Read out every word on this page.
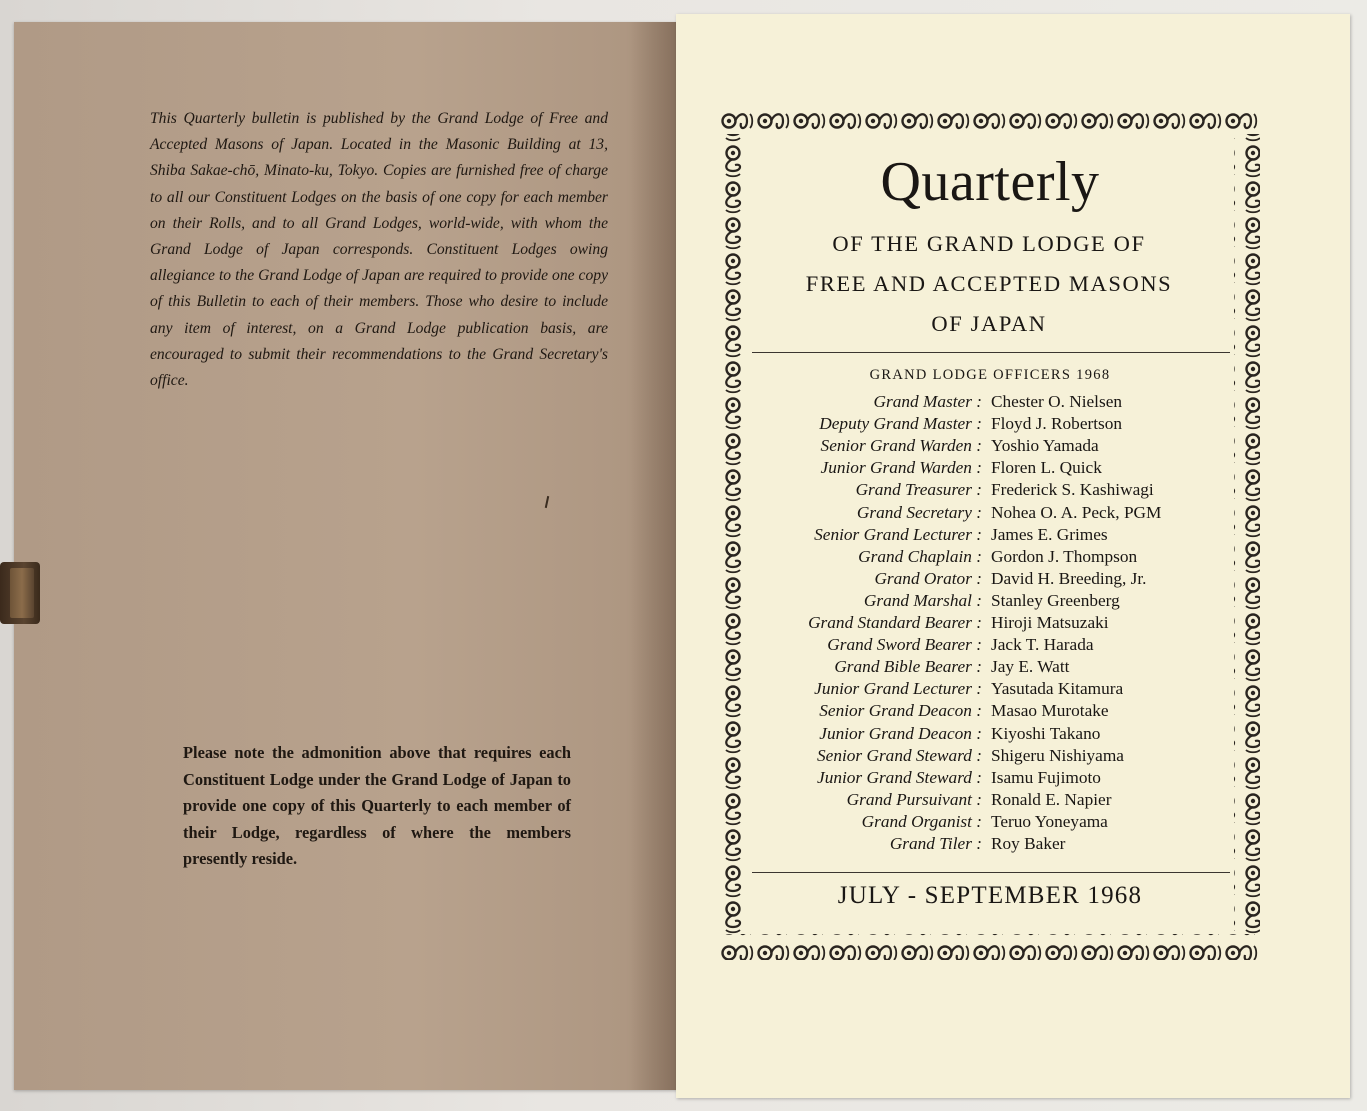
This Quarterly bulletin is published by the Grand Lodge of Free and Accepted Masons of Japan. Located in the Masonic Building at 13, Shiba Sakae-chō, Minato-ku, Tokyo. Copies are furnished free of charge to all our Constituent Lodges on the basis of one copy for each member on their Rolls, and to all Grand Lodges, world-wide, with whom the Grand Lodge of Japan corresponds. Constituent Lodges owing allegiance to the Grand Lodge of Japan are required to provide one copy of this Bulletin to each of their members. Those who desire to include any item of interest, on a Grand Lodge publication basis, are encouraged to submit their recommendations to the Grand Secretary's office.

Please note the admonition above that requires each Constituent Lodge under the Grand Lodge of Japan to provide one copy of this Quarterly to each member of their Lodge, regardless of where the members presently reside.

Quarterly
OF THE GRAND LODGE OF
FREE AND ACCEPTED MASONS
OF JAPAN
GRAND LODGE OFFICERS 1968
Grand Master : Chester O. Nielsen
Deputy Grand Master : Floyd J. Robertson
Senior Grand Warden : Yoshio Yamada
Junior Grand Warden : Floren L. Quick
Grand Treasurer : Frederick S. Kashiwagi
Grand Secretary : Nohea O. A. Peck, PGM
Senior Grand Lecturer : James E. Grimes
Grand Chaplain : Gordon J. Thompson
Grand Orator : David H. Breeding, Jr.
Grand Marshal : Stanley Greenberg
Grand Standard Bearer : Hiroji Matsuzaki
Grand Sword Bearer : Jack T. Harada
Grand Bible Bearer : Jay E. Watt
Junior Grand Lecturer : Yasutada Kitamura
Senior Grand Deacon : Masao Murotake
Junior Grand Deacon : Kiyoshi Takano
Senior Grand Steward : Shigeru Nishiyama
Junior Grand Steward : Isamu Fujimoto
Grand Pursuivant : Ronald E. Napier
Grand Organist : Teruo Yoneyama
Grand Tiler : Roy Baker
JULY - SEPTEMBER 1968
